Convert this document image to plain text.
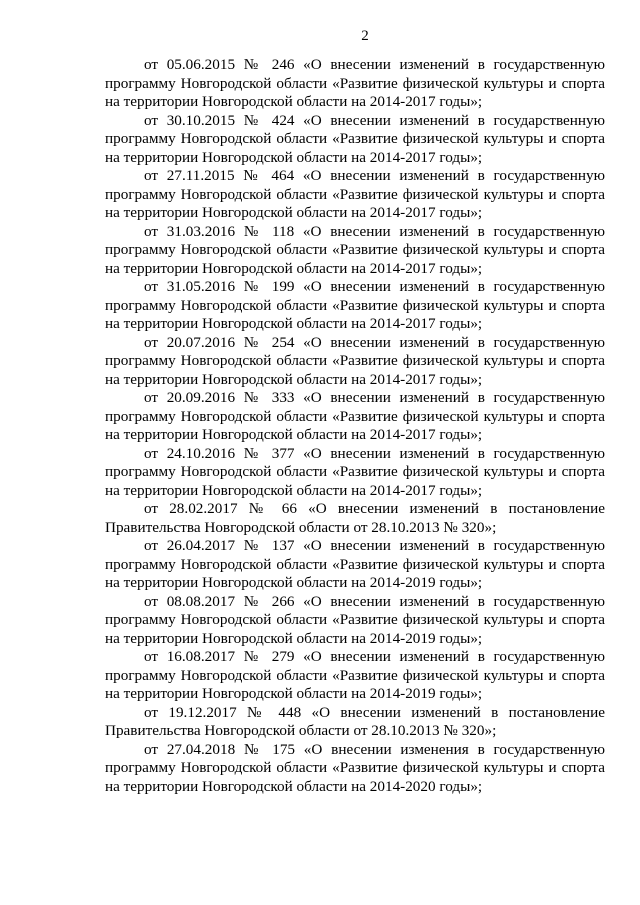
2

от 05.06.2015 № 246 «О внесении изменений в государственную программу Новгородской области «Развитие физической культуры и спорта на территории Новгородской области на 2014-2017 годы»;

от 30.10.2015 № 424 «О внесении изменений в государственную программу Новгородской области «Развитие физической культуры и спорта на территории Новгородской области на 2014-2017 годы»;

от 27.11.2015 № 464 «О внесении изменений в государственную программу Новгородской области «Развитие физической культуры и спорта на территории Новгородской области на 2014-2017 годы»;

от 31.03.2016 № 118 «О внесении изменений в государственную программу Новгородской области «Развитие физической культуры и спорта на территории Новгородской области на 2014-2017 годы»;

от 31.05.2016 № 199 «О внесении изменений в государственную программу Новгородской области «Развитие физической культуры и спорта на территории Новгородской области на 2014-2017 годы»;

от 20.07.2016 № 254 «О внесении изменений в государственную программу Новгородской области «Развитие физической культуры и спорта на территории Новгородской области на 2014-2017 годы»;

от 20.09.2016 № 333 «О внесении изменений в государственную программу Новгородской области «Развитие физической культуры и спорта на территории Новгородской области на 2014-2017 годы»;

от 24.10.2016 № 377 «О внесении изменений в государственную программу Новгородской области «Развитие физической культуры и спорта на территории Новгородской области на 2014-2017 годы»;

от 28.02.2017 № 66 «О внесении изменений в постановление Правительства Новгородской области от 28.10.2013 № 320»;

от 26.04.2017 № 137 «О внесении изменений в государственную программу Новгородской области «Развитие физической культуры и спорта на территории Новгородской области на 2014-2019 годы»;

от 08.08.2017 № 266 «О внесении изменений в государственную программу Новгородской области «Развитие физической культуры и спорта на территории Новгородской области на 2014-2019 годы»;

от 16.08.2017 № 279 «О внесении изменений в государственную программу Новгородской области «Развитие физической культуры и спорта на территории Новгородской области на 2014-2019 годы»;

от 19.12.2017 № 448 «О внесении изменений в постановление Правительства Новгородской области от 28.10.2013 № 320»;

от 27.04.2018 № 175 «О внесении изменения в государственную программу Новгородской области «Развитие физической культуры и спорта на территории Новгородской области на 2014-2020 годы»;
